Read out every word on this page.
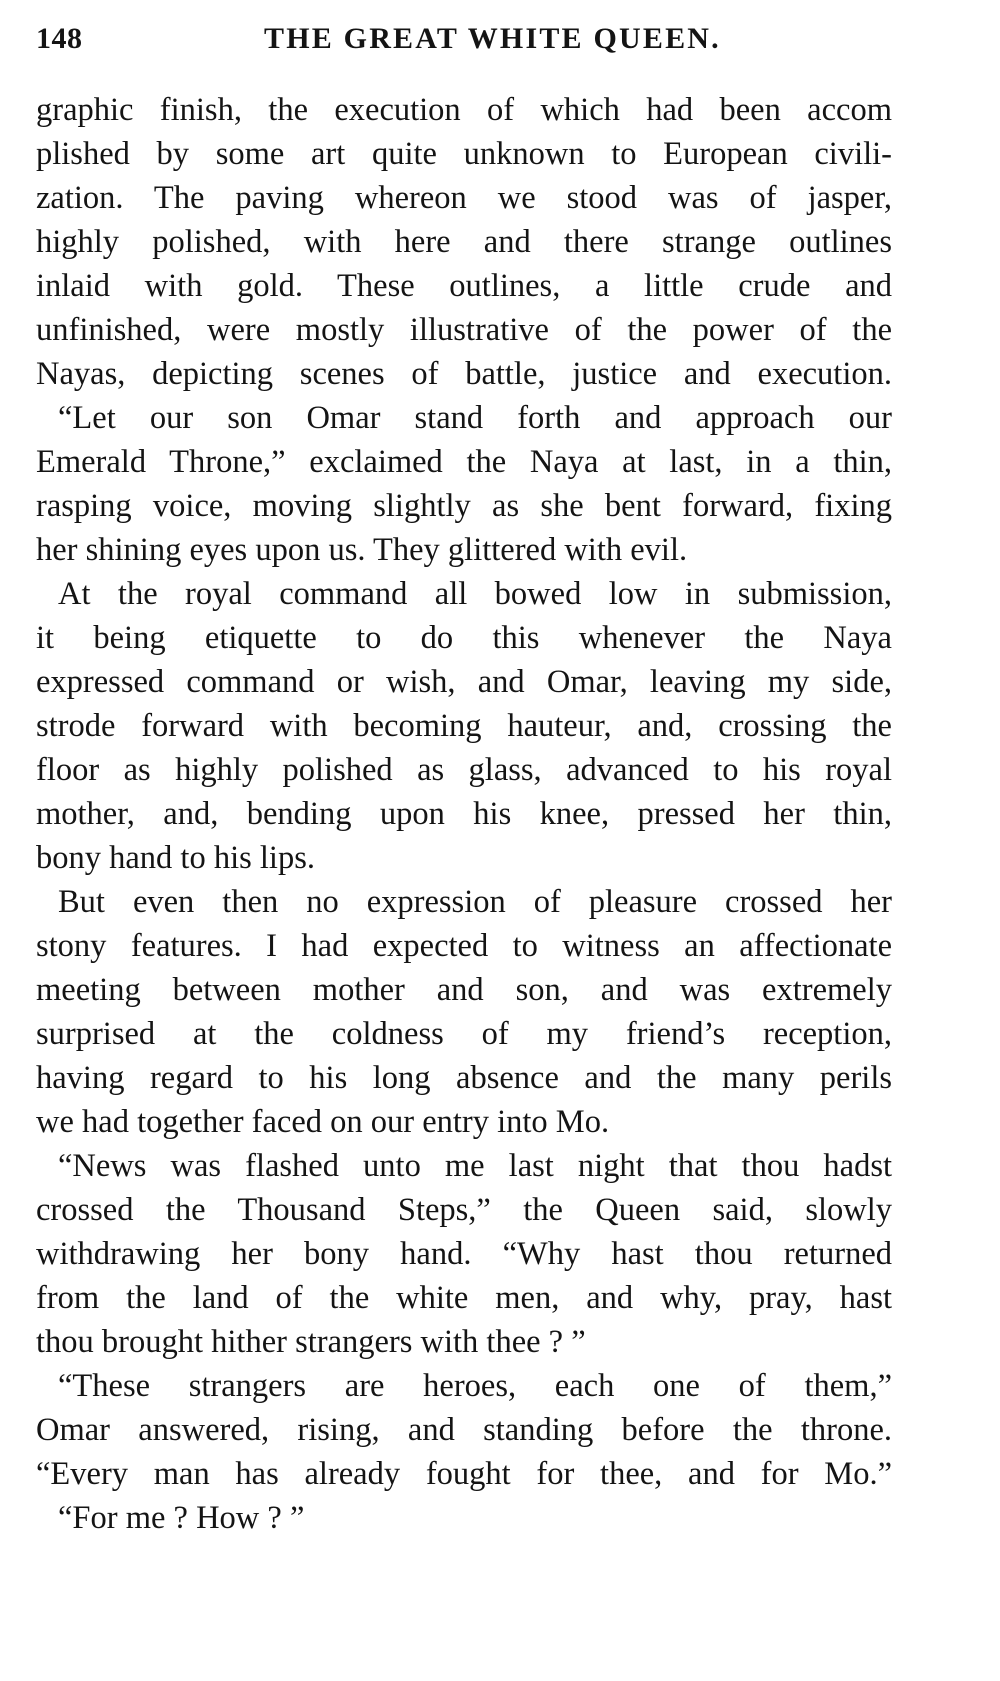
148	THE GREAT WHITE QUEEN.
graphic finish, the execution of which had been accom
plished by some art quite unknown to European civili-
zation. The paving whereon we stood was of jasper,
highly polished, with here and there strange outlines
inlaid with gold. These outlines, a little crude and
unfinished, were mostly illustrative of the power of the
Nayas, depicting scenes of battle, justice and execution.
“Let our son Omar stand forth and approach our
Emerald Throne,” exclaimed the Naya at last, in a thin,
rasping voice, moving slightly as she bent forward, fixing
her shining eyes upon us. They glittered with evil.
At the royal command all bowed low in submission,
it being etiquette to do this whenever the Naya
expressed command or wish, and Omar, leaving my side,
strode forward with becoming hauteur, and, crossing the
floor as highly polished as glass, advanced to his royal
mother, and, bending upon his knee, pressed her thin,
bony hand to his lips.
But even then no expression of pleasure crossed her
stony features. I had expected to witness an affectionate
meeting between mother and son, and was extremely
surprised at the coldness of my friend’s reception,
having regard to his long absence and the many perils
we had together faced on our entry into Mo.
“News was flashed unto me last night that thou hadst
crossed the Thousand Steps,” the Queen said, slowly
withdrawing her bony hand. “Why hast thou returned
from the land of the white men, and why, pray, hast
thou brought hither strangers with thee ? ”
“These strangers are heroes, each one of them,”
Omar answered, rising, and standing before the throne.
“Every man has already fought for thee, and for Mo.”
“For me ? How ? ”
